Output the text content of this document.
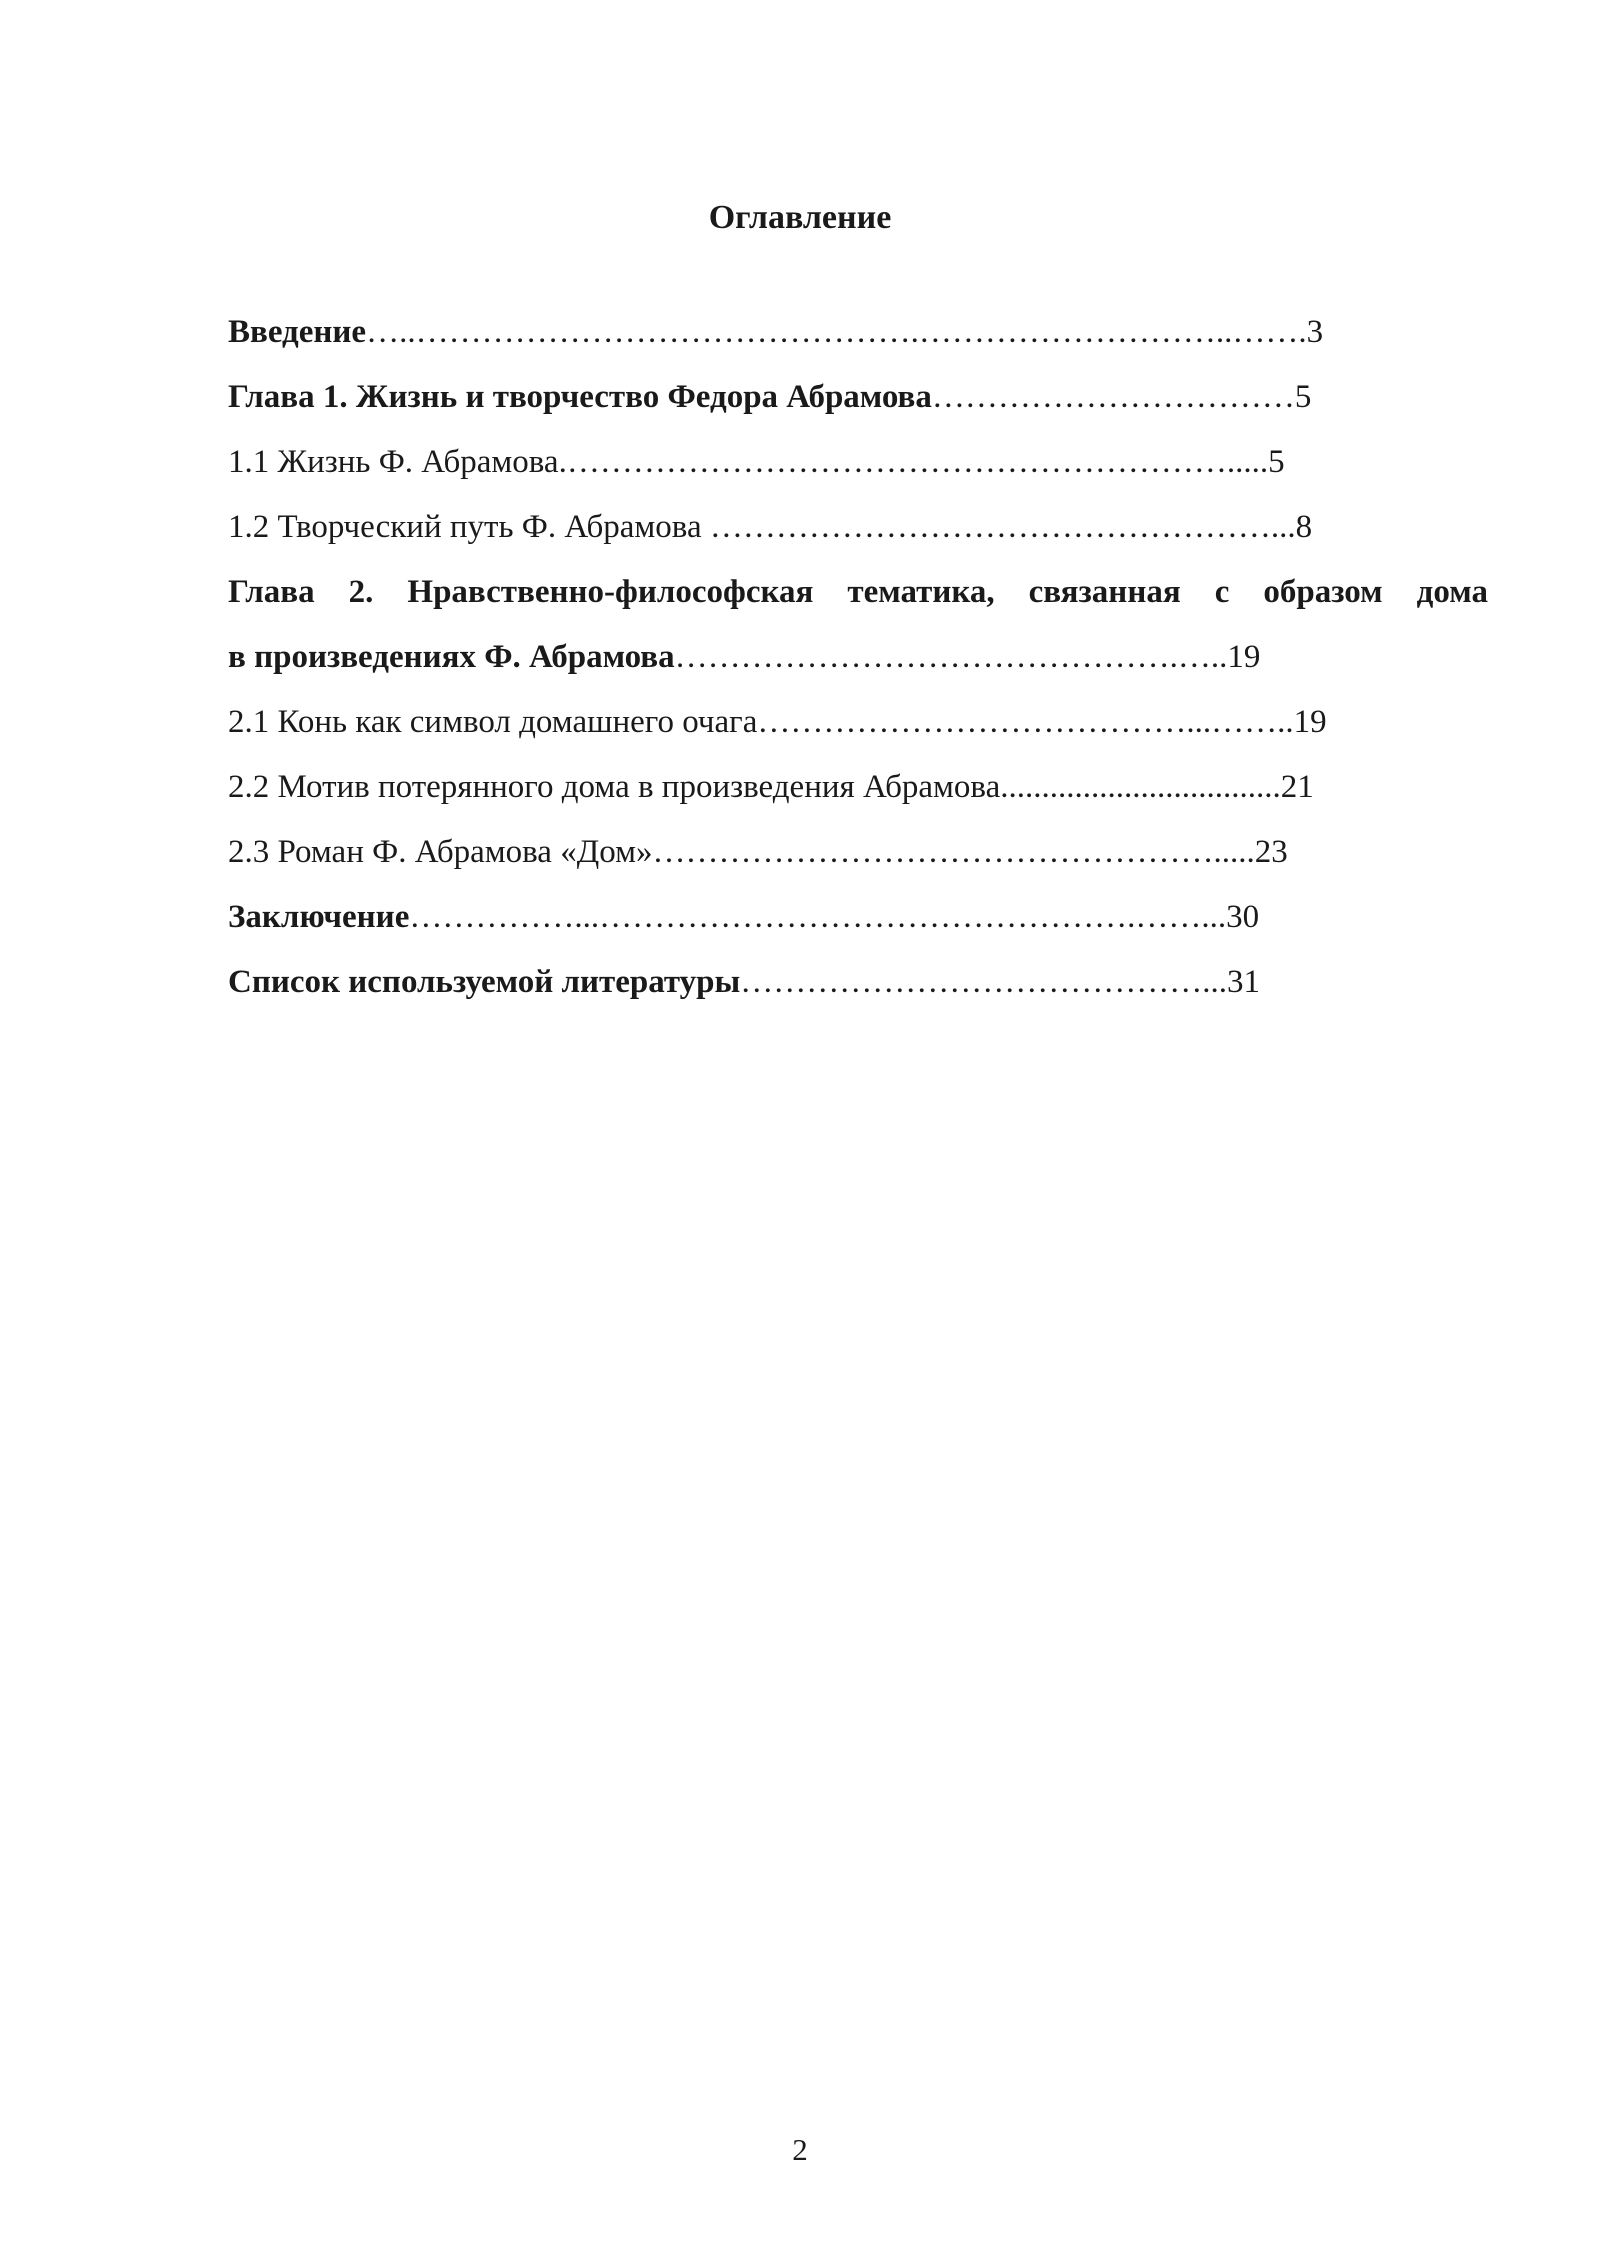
Оглавление
Введение…..……………………………………….………………………..…….3
Глава 1. Жизнь и творчество Федора Абрамова……………………………5
1.1 Жизнь Ф. Абрамова.…………………………………………………….....5
1.2 Творческий путь Ф. Абрамова ……………………………………………...8
Глава 2. Нравственно-философская тематика, связанная с образом дома
в произведениях Ф. Абрамова……………………………………….…..19
2.1 Конь как символ домашнего очага…………………………………...……..19
2.2 Мотив потерянного дома в произведения Абрамова..................................21
2.3 Роман Ф. Абрамова «Дом»…………………………………………….....23
Заключение……………...………………………………………….……...30
Список используемой литературы……………………………………...31
2
